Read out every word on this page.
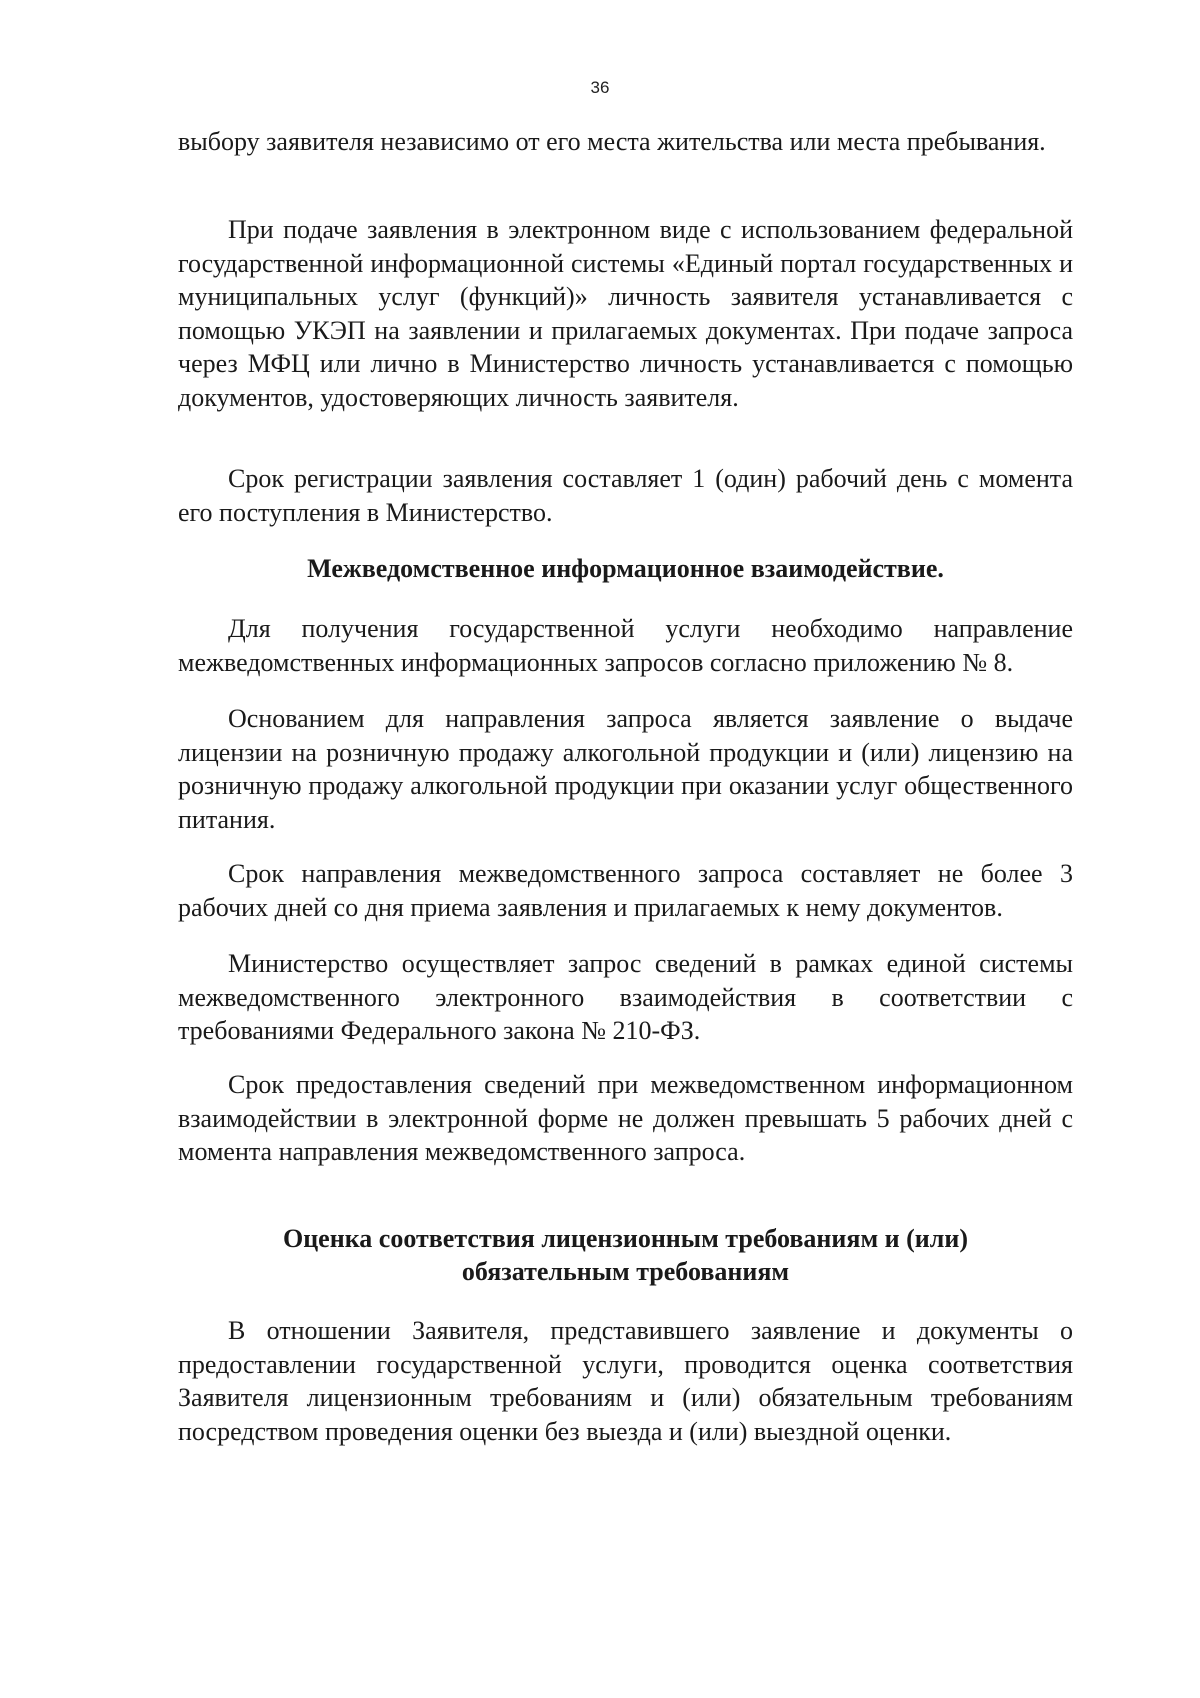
36

выбору заявителя независимо от его места жительства или места пребывания.

При подаче заявления в электронном виде с использованием федеральной государственной информационной системы «Единый портал государственных и муниципальных услуг (функций)» личность заявителя устанавливается с помощью УКЭП на заявлении и прилагаемых документах. При подаче запроса через МФЦ или лично в Министерство личность устанавливается с помощью документов, удостоверяющих личность заявителя.

Срок регистрации заявления составляет 1 (один) рабочий день с момента его поступления в Министерство.

Межведомственное информационное взаимодействие.

Для получения государственной услуги необходимо направление межведомственных информационных запросов согласно приложению № 8.

Основанием для направления запроса является заявление о выдаче лицензии на розничную продажу алкогольной продукции и (или) лицензию на розничную продажу алкогольной продукции при оказании услуг общественного питания.

Срок направления межведомственного запроса составляет не более 3 рабочих дней со дня приема заявления и прилагаемых к нему документов.

Министерство осуществляет запрос сведений в рамках единой системы межведомственного электронного взаимодействия в соответствии с требованиями Федерального закона № 210-ФЗ.

Срок предоставления сведений при межведомственном информационном взаимодействии в электронной форме не должен превышать 5 рабочих дней с момента направления межведомственного запроса.

Оценка соответствия лицензионным требованиям и (или)

обязательным требованиям

В отношении Заявителя, представившего заявление и документы о предоставлении государственной услуги, проводится оценка соответствия Заявителя лицензионным требованиям и (или) обязательным требованиям посредством проведения оценки без выезда и (или) выездной оценки.
